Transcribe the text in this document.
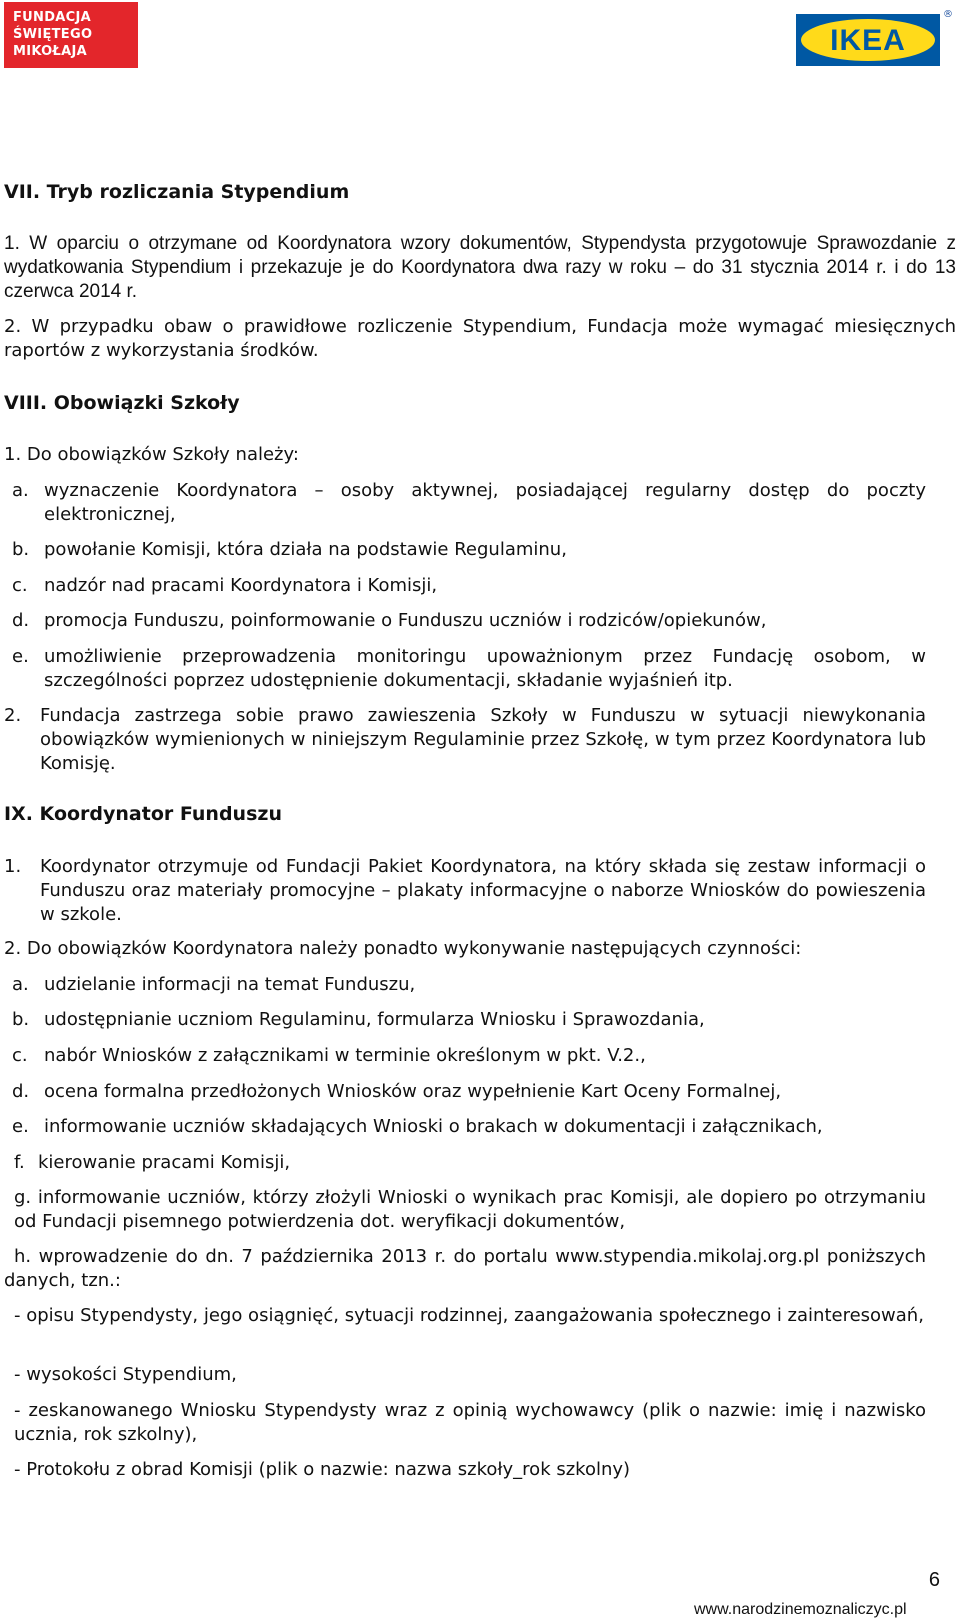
FUNDACJA
ŚWIĘTEGO
MIKOŁAJA	IKEA
®
VII. Tryb rozliczania Stypendium
1. W oparciu o otrzymane od Koordynatora wzory dokumentów, Stypendysta przygotowuje Sprawozdanie z wydatkowania Stypendium i przekazuje je do Koordynatora dwa razy w roku – do 31 stycznia 2014 r. i do 13 czerwca 2014 r.
2. W przypadku obaw o prawidłowe rozliczenie Stypendium, Fundacja może wymagać miesięcznych raportów z wykorzystania środków.
VIII. Obowiązki Szkoły
1. Do obowiązków Szkoły należy:
a. wyznaczenie Koordynatora – osoby aktywnej, posiadającej regularny dostęp do poczty elektronicznej,
b. powołanie Komisji, która działa na podstawie Regulaminu,
c. nadzór nad pracami Koordynatora i Komisji,
d. promocja Funduszu, poinformowanie o Funduszu uczniów i rodziców/opiekunów,
e. umożliwienie przeprowadzenia monitoringu upoważnionym przez Fundację osobom, w szczególności poprzez udostępnienie dokumentacji, składanie wyjaśnień itp.
2.	Fundacja zastrzega sobie prawo zawieszenia Szkoły w Funduszu w sytuacji niewykonania obowiązków wymienionych w niniejszym Regulaminie przez Szkołę, w tym przez Koordynatora lub Komisję.
IX. Koordynator Funduszu
1.	Koordynator otrzymuje od Fundacji Pakiet Koordynatora, na który składa się zestaw informacji o Funduszu oraz materiały promocyjne – plakaty informacyjne o naborze Wniosków do powieszenia w szkole.
2. Do obowiązków Koordynatora należy ponadto wykonywanie następujących czynności:
a. udzielanie informacji na temat Funduszu,
b. udostępnianie uczniom Regulaminu, formularza Wniosku i Sprawozdania,
c. nabór Wniosków z załącznikami w terminie określonym w pkt. V.2.,
d. ocena formalna przedłożonych Wniosków oraz wypełnienie Kart Oceny Formalnej,
e. informowanie uczniów składających Wnioski o brakach w dokumentacji i załącznikach,
f. kierowanie pracami Komisji,
g. informowanie uczniów, którzy złożyli Wnioski o wynikach prac Komisji, ale dopiero po otrzymaniu od Fundacji pisemnego potwierdzenia dot. weryfikacji dokumentów,
h. wprowadzenie do dn. 7 października 2013 r. do portalu www.stypendia.mikolaj.org.pl poniższych danych, tzn.:
- opisu Stypendysty, jego osiągnięć, sytuacji rodzinnej, zaangażowania społecznego i zainteresowań,
- wysokości Stypendium,
- zeskanowanego Wniosku Stypendysty wraz z opinią wychowawcy (plik o nazwie: imię i nazwisko ucznia, rok szkolny),
- Protokołu z obrad Komisji (plik o nazwie: nazwa szkoły_rok szkolny)
6
www.narodzinemoznaliczyc.pl
